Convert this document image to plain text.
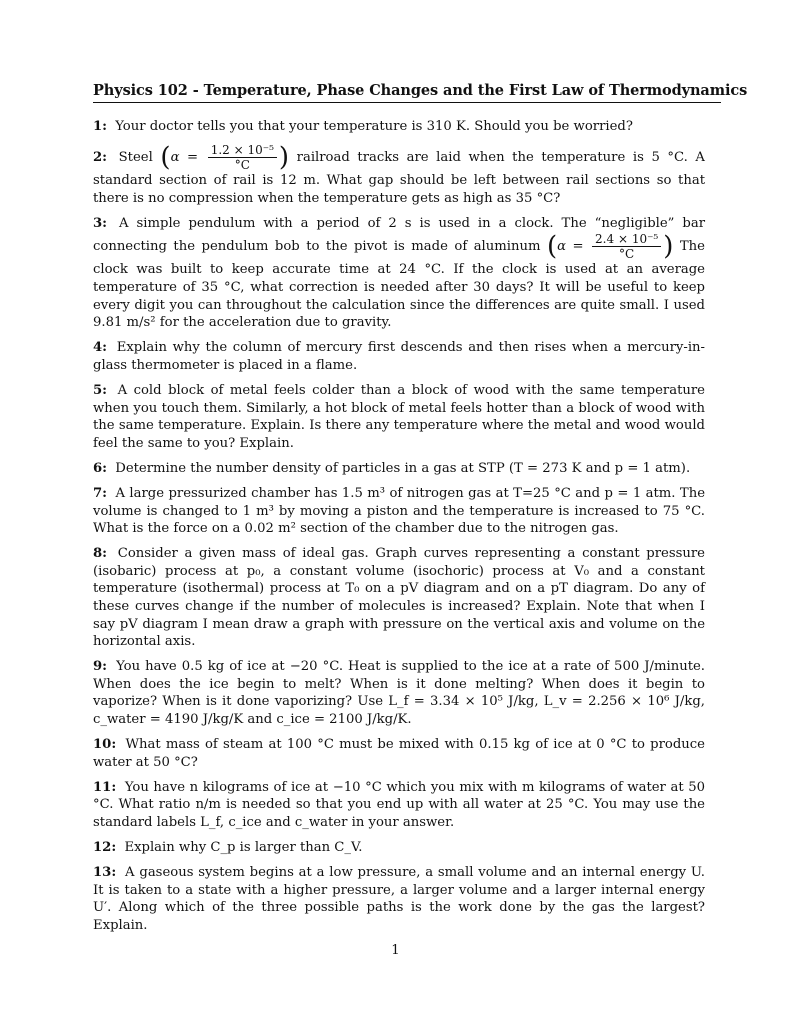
Physics 102 - Temperature, Phase Changes and the First Law of Thermodynamics

1: Your doctor tells you that your temperature is 310 K. Should you be worried?

2: Steel ($\alpha = \frac{\text{1.2 × 10⁻⁵}}{^\circ C}$ ) railroad tracks are laid when the temperature is 5 °C. A standard section of rail is 12 m. What gap should be left between rail sections so that there is no compression when the temperature gets as high as 35 °C?

3: A simple pendulum with a period of 2 s is used in a clock. The “negligible” bar connecting the pendulum bob to the pivot is made of aluminum ($\alpha = \frac{\text{2.4 × 10⁻⁵}}{^\circ C}$ ) The clock was built to keep accurate time at 24 °C. If the clock is used at an average temperature of 35 °C, what correction is needed after 30 days? It will be useful to keep every digit you can throughout the calculation since the differences are quite small. I used 9.81 m/s² for the acceleration due to gravity.

4: Explain why the column of mercury first descends and then rises when a mercury-in-glass thermometer is placed in a flame.

5: A cold block of metal feels colder than a block of wood with the same temperature when you touch them. Similarly, a hot block of metal feels hotter than a block of wood with the same temperature. Explain. Is there any temperature where the metal and wood would feel the same to you? Explain.

6: Determine the number density of particles in a gas at STP (T = 273 K and p = 1 atm).

7: A large pressurized chamber has 1.5 m³ of nitrogen gas at T=25 °C and p = 1 atm. The volume is changed to 1 m³ by moving a piston and the temperature is increased to 75 °C. What is the force on a 0.02 m² section of the chamber due to the nitrogen gas.

8: Consider a given mass of ideal gas. Graph curves representing a constant pressure (isobaric) process at p₀, a constant volume (isochoric) process at V₀ and a constant temperature (isothermal) process at T₀ on a pV diagram and on a pT diagram. Do any of these curves change if the number of molecules is increased? Explain. Note that when I say pV diagram I mean draw a graph with pressure on the vertical axis and volume on the horizontal axis.

9: You have 0.5 kg of ice at −20 °C. Heat is supplied to the ice at a rate of 500 J/minute. When does the ice begin to melt? When is it done melting? When does it begin to vaporize? When is it done vaporizing? Use L_f = 3.34 × 10⁵ J/kg, L_v = 2.256 × 10⁶ J/kg, c_water = 4190 J/kg/K and c_ice = 2100 J/kg/K.

10: What mass of steam at 100 °C must be mixed with 0.15 kg of ice at 0 °C to produce water at 50 °C?

11: You have n kilograms of ice at −10 °C which you mix with m kilograms of water at 50 °C. What ratio n/m is needed so that you end up with all water at 25 °C. You may use the standard labels L_f, c_ice and c_water in your answer.

12: Explain why C_p is larger than C_V.

13: A gaseous system begins at a low pressure, a small volume and an internal energy U. It is taken to a state with a higher pressure, a larger volume and a larger internal energy U′. Along which of the three possible paths is the work done by the gas the largest? Explain.

1
